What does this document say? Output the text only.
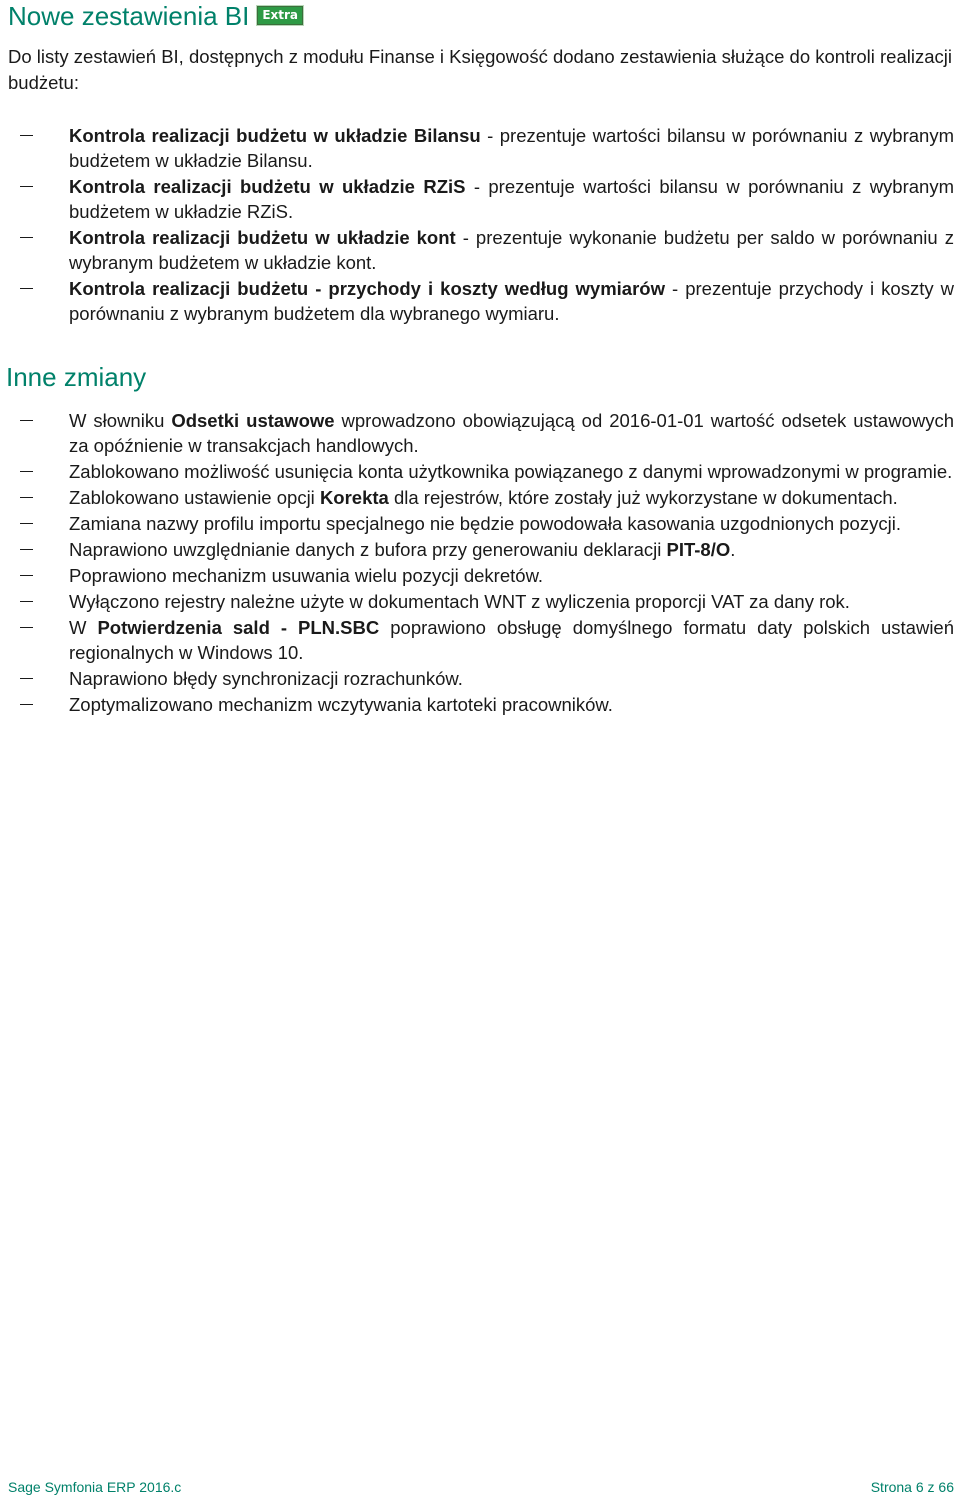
Nowe zestawienia BI Extra
Do listy zestawień BI, dostępnych z modułu Finanse i Księgowość dodano zestawienia służące do kontroli realizacji budżetu:
Kontrola realizacji budżetu w układzie Bilansu - prezentuje wartości bilansu w porównaniu z wybranym budżetem w układzie Bilansu.
Kontrola realizacji budżetu w układzie RZiS - prezentuje wartości bilansu w porównaniu z wybranym budżetem w układzie RZiS.
Kontrola realizacji budżetu w układzie kont - prezentuje wykonanie budżetu per saldo w porównaniu z wybranym budżetem w układzie kont.
Kontrola realizacji budżetu - przychody i koszty według wymiarów - prezentuje przychody i koszty w porównaniu z wybranym budżetem dla wybranego wymiaru.
Inne zmiany
W słowniku Odsetki ustawowe wprowadzono obowiązującą od 2016-01-01 wartość odsetek ustawowych za opóźnienie w transakcjach handlowych.
Zablokowano możliwość usunięcia konta użytkownika powiązanego z danymi wprowadzonymi w programie.
Zablokowano ustawienie opcji Korekta dla rejestrów, które zostały już wykorzystane w dokumentach.
Zamiana nazwy profilu importu specjalnego nie będzie powodowała kasowania uzgodnionych pozycji.
Naprawiono uwzględnianie danych z bufora przy generowaniu deklaracji PIT-8/O.
Poprawiono mechanizm usuwania wielu pozycji dekretów.
Wyłączono rejestry należne użyte w dokumentach WNT z wyliczenia proporcji VAT za dany rok.
W Potwierdzenia sald - PLN.SBC poprawiono obsługę domyślnego formatu daty polskich ustawień regionalnych w Windows 10.
Naprawiono błędy synchronizacji rozrachunków.
Zoptymalizowano mechanizm wczytywania kartoteki pracowników.
Sage Symfonia ERP 2016.c	Strona 6 z 66
